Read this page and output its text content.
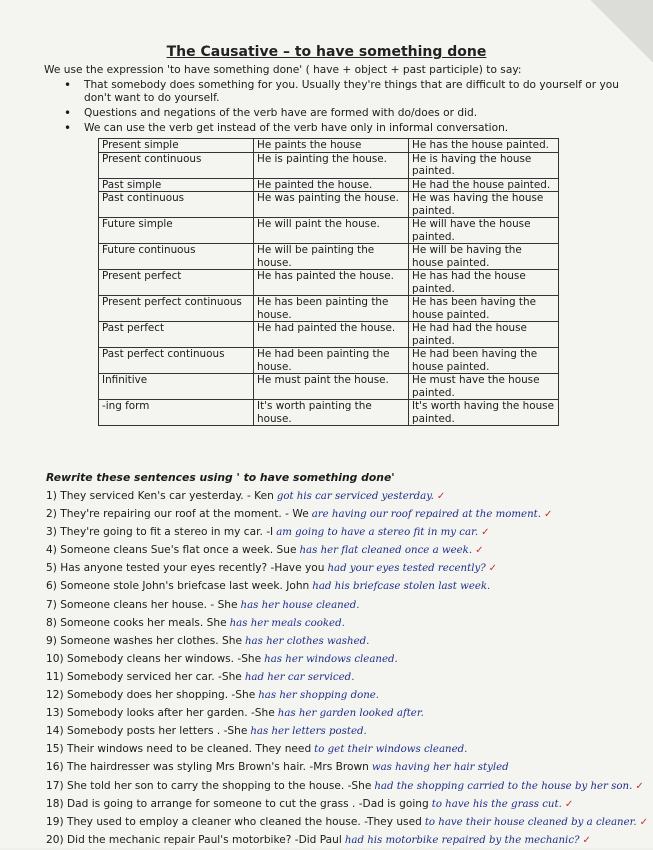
The Causative – to have something done
We use the expression 'to have something done' ( have + object + past participle) to say:
• That somebody does something for you. Usually they're things that are difficult to do yourself or you don't want to do yourself.
• Questions and negations of the verb have are formed with do/does or did.
• We can use the verb get instead of the verb have only in informal conversation.
Present simple	He paints the house	He has the house painted.
Present continuous	He is painting the house.	He is having the house painted.
Past simple	He painted the house.	He had the house painted.
Past continuous	He was painting the house.	He was having the house painted.
Future simple	He will paint the house.	He will have the house painted.
Future continuous	He will be painting the house.	He will be having the house painted.
Present perfect	He has painted the house.	He has had the house painted.
Present perfect continuous	He has been painting the house.	He has been having the house painted.
Past perfect	He had painted the house.	He had had the house painted.
Past perfect continuous	He had been painting the house.	He had been having the house painted.
Infinitive	He must paint the house.	He must have the house painted.
-ing form	It's worth painting the house.	It's worth having the house painted.
Rewrite these sentences using ' to have something done'
1) They serviced Ken's car yesterday. - Ken got his car serviced yesterday. ✓
2) They're repairing our roof at the moment. - We are having our roof repaired at the moment. ✓
3) They're going to fit a stereo in my car. -I am going to have a stereo fit in my car. ✓
4) Someone cleans Sue's flat once a week. Sue has her flat cleaned once a week. ✓
5) Has anyone tested your eyes recently? -Have you had your eyes tested recently? ✓
6) Someone stole John's briefcase last week. John had his briefcase stolen last week.
7) Someone cleans her house. - She has her house cleaned.
8) Someone cooks her meals. She has her meals cooked.
9) Someone washes her clothes. She has her clothes washed.
10) Somebody cleans her windows. -She has her windows cleaned.
11) Somebody serviced her car. -She had her car serviced.
12) Somebody does her shopping. -She has her shopping done.
13) Somebody looks after her garden. -She has her garden looked after.
14) Somebody posts her letters . -She has her letters posted.
15) Their windows need to be cleaned. They need to get their windows cleaned.
16) The hairdresser was styling Mrs Brown's hair. -Mrs Brown was having her hair styled
17) She told her son to carry the shopping to the house. -She had the shopping carried to the house by her son. ✓
18) Dad is going to arrange for someone to cut the grass . -Dad is going to have his the grass cut. ✓
19) They used to employ a cleaner who cleaned the house. -They used to have their house cleaned by a cleaner. ✓
20) Did the mechanic repair Paul's motorbike? -Did Paul had his motorbike repaired by the mechanic? ✓
